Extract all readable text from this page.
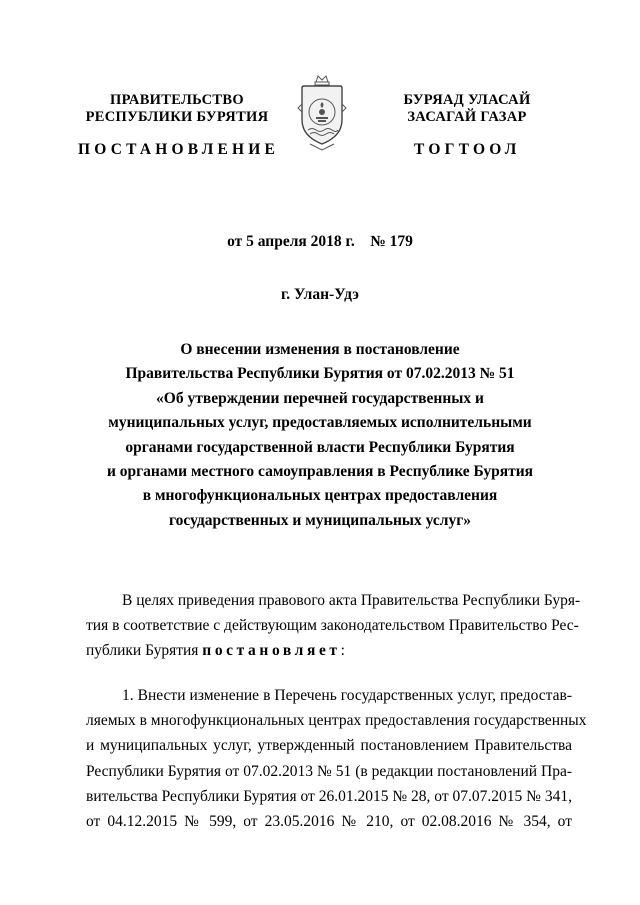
ПРАВИТЕЛЬСТВО
РЕСПУБЛИКИ БУРЯТИЯ
БУРЯАД УЛАСАЙ
ЗАСАГАЙ ГАЗАР
ПОСТАНОВЛЕНИЕ	ТОГТООЛ
от 5 апреля 2018 г.    № 179
г. Улан-Удэ
О внесении изменения в постановление
Правительства Республики Бурятия от 07.02.2013 № 51
«Об утверждении перечней государственных и
муниципальных услуг, предоставляемых исполнительными
органами государственной власти Республики Бурятия
и органами местного самоуправления в Республике Бурятия
в многофункциональных центрах предоставления
государственных и муниципальных услуг»
В целях приведения правового акта Правительства Республики Буря-
тия в соответствие с действующим законодательством Правительство Рес-
публики Бурятия постановляет:
1. Внести изменение в Перечень государственных услуг, предостав-
ляемых в многофункциональных центрах предоставления государственных
и муниципальных услуг, утвержденный постановлением Правительства
Республики Бурятия от 07.02.2013 № 51 (в редакции постановлений Пра-
вительства Республики Бурятия от 26.01.2015 № 28, от 07.07.2015 № 341,
от 04.12.2015 № 599, от 23.05.2016 № 210, от 02.08.2016 № 354, от
